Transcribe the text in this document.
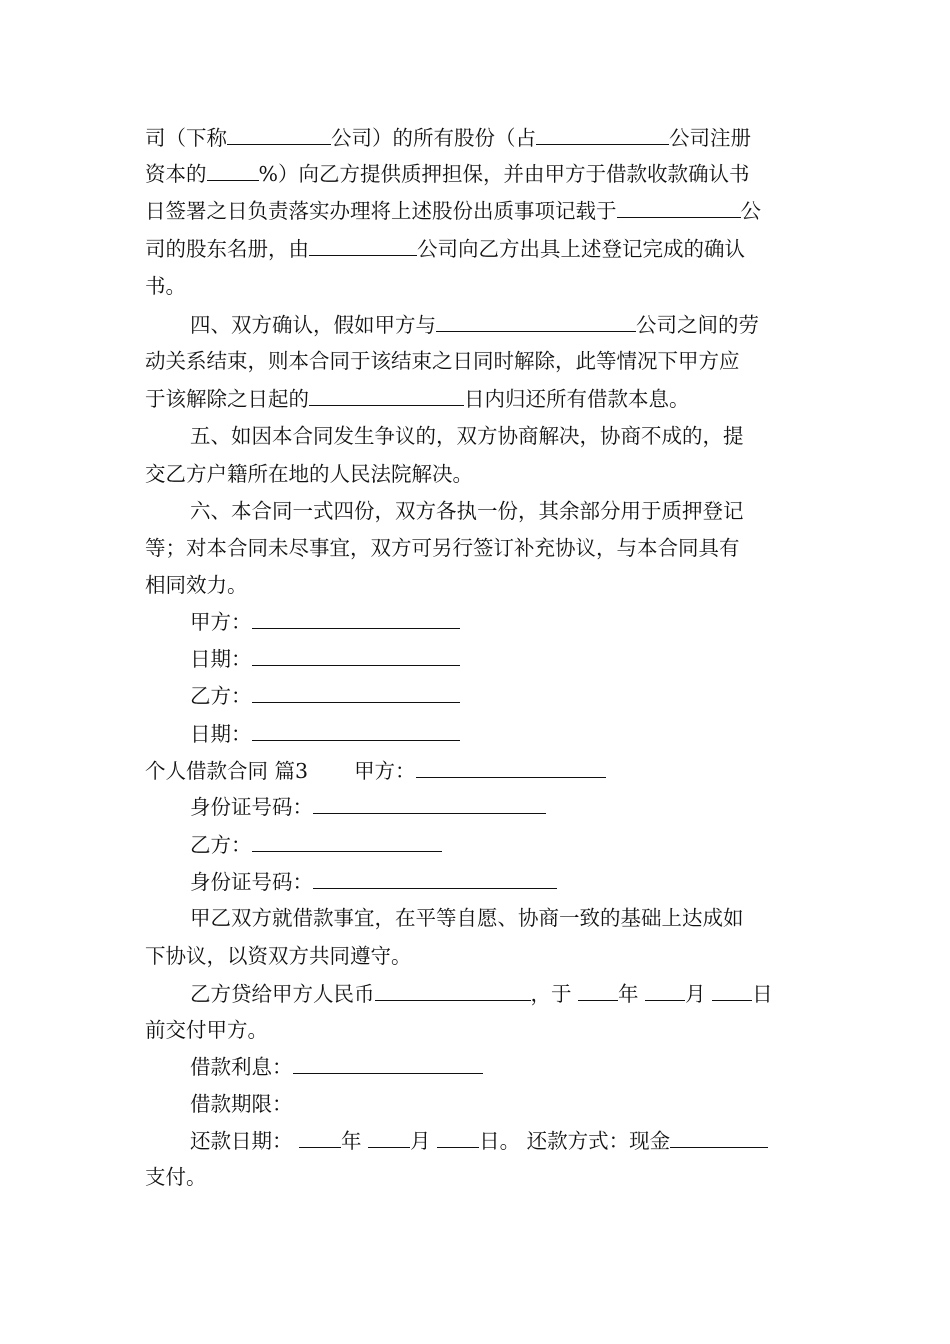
司（下称	公司）的所有股份（占	公司注册
资本的	%）向乙方提供质押担保，并由甲方于借款收款确认书
日签署之日负责落实办理将上述股份出质事项记载于	公
司的股东名册，由	公司向乙方出具上述登记完成的确认
书。
四、双方确认，假如甲方与	公司之间的劳
动关系结束，则本合同于该结束之日同时解除，此等情况下甲方应
于该解除之日起的	日内归还所有借款本息。
五、如因本合同发生争议的，双方协商解决，协商不成的，提
交乙方户籍所在地的人民法院解决。
六、本合同一式四份，双方各执一份，其余部分用于质押登记
等；对本合同未尽事宜，双方可另行签订补充协议，与本合同具有
相同效力。
甲方：
日期：
乙方：
日期：
个人借款合同 篇3 甲方：
身份证号码：
乙方：
身份证号码：
甲乙双方就借款事宜，在平等自愿、协商一致的基础上达成如
下协议，以资双方共同遵守。
乙方贷给甲方人民币	，于 年 月 日
前交付甲方。
借款利息：
借款期限：
还款日期： 年 月 日。 还款方式：现金
支付。
